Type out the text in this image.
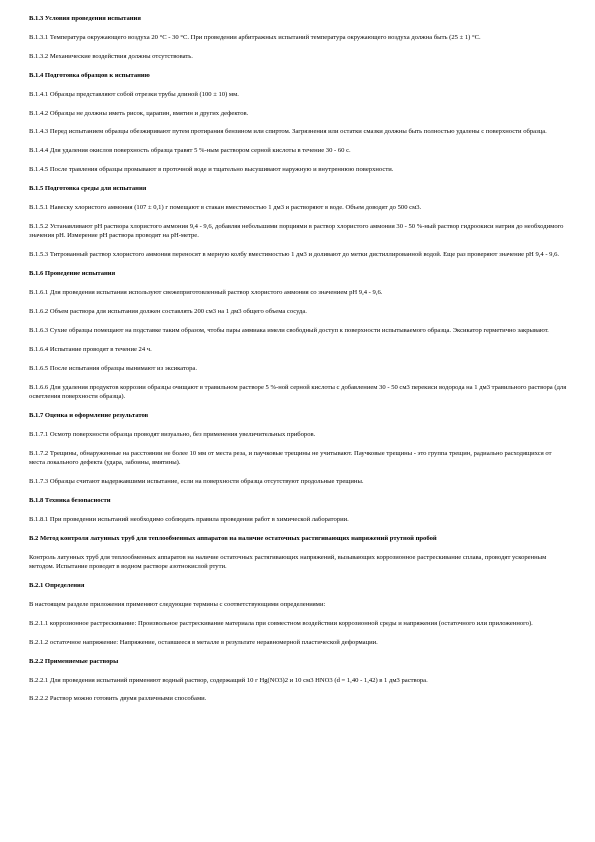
В.1.3 Условия проведения испытания
В.1.3.1 Температура окружающего воздуха 20 °С - 30 °С. При проведении арбитражных испытаний температура окружающего воздуха должна быть (25 ± 1) °С.
В.1.3.2 Механические воздействия должны отсутствовать.
В.1.4 Подготовка образцов к испытанию
В.1.4.1 Образцы представляют собой отрезки трубы длиной (100 ± 10) мм.
В.1.4.2 Образцы не должны иметь рисок, царапин, вмятин и других дефектов.
В.1.4.3 Перед испытанием образцы обезжиривают путем протирания бензином или спиртом. Загрязнения или остатки смазки должны быть полностью удалены с поверхности образца.
В.1.4.4 Для удаления окислов поверхность образца травят 5 %-ным раствором серной кислоты в течение 30 - 60 с.
В.1.4.5 После травления образцы промывают в проточной воде и тщательно высушивают наружную и внутреннюю поверхности.
В.1.5 Подготовка среды для испытания
В.1.5.1 Навеску хлористого аммония (107 ± 0,1) г помещают в стакан вместимостью 1 дм3 и растворяют в воде. Объем доводят до 500 см3.
В.1.5.2 Устанавливают pH раствора хлористого аммония 9,4 - 9,6, добавляя небольшими порциями в раствор хлористого аммония 30 - 50 %-ный раствор гидроокиси натрия до необходимого значения pH. Измерение pH раствора проводят на pH-метре.
В.1.5.3 Титрованный раствор хлористого аммония переносят в мерную колбу вместимостью 1 дм3 и доливают до метки дистиллированной водой. Еще раз проверяют значение pH 9,4 - 9,6.
В.1.6 Проведение испытания
В.1.6.1 Для проведения испытания используют свежеприготовленный раствор хлористого аммония со значением pH 9,4 - 9,6.
В.1.6.2 Объем раствора для испытания должен составлять 200 см3 на 1 дм3 общего объема сосуда.
В.1.6.3 Сухие образцы помещают на подставке таким образом, чтобы пары аммиака имели свободный доступ к поверхности испытываемого образца. Эксикатор герметично закрывают.
В.1.6.4 Испытание проводят в течение 24 ч.
В.1.6.5 После испытания образцы вынимают из эксикатора.
В.1.6.6 Для удаления продуктов коррозии образцы очищают в травильном растворе 5 %-ной серной кислоты с добавлением 30 - 50 см3 перекиси водорода на 1 дм3 травильного раствора (для осветления поверхности образца).
В.1.7 Оценка и оформление результатов
В.1.7.1 Осмотр поверхности образца проводят визуально, без применения увеличительных приборов.
В.1.7.2 Трещины, обнаруженные на расстоянии не более 10 мм от места реза, и паучковые трещины не учитывают. Паучковые трещины - это группа трещин, радиально расходящихся от места локального дефекта (удара, забоины, вмятины).
В.1.7.3 Образцы считают выдержавшими испытание, если на поверхности образца отсутствуют продольные трещины.
В.1.8 Техника безопасности
В.1.8.1 При проведении испытаний необходимо соблюдать правила проведения работ в химической лаборатории.
В.2 Метод контроля латунных труб для теплообменных аппаратов на наличие остаточных растягивающих напряжений ртутной пробой
Контроль латунных труб для теплообменных аппаратов на наличие остаточных растягивающих напряжений, вызывающих коррозионное растрескивание сплава, проводят ускоренным методом. Испытание проводят в водном растворе азотнокислой ртути.
В.2.1 Определения
В настоящем разделе приложения применяют следующие термины с соответствующими определениями:
В.2.1.1 коррозионное растрескивание: Произвольное растрескивание материала при совместном воздействии коррозионной среды и напряжения (остаточного или приложенного).
В.2.1.2 остаточное напряжение: Напряжение, оставшееся в металле в результате неравномерной пластической деформации.
В.2.2 Применяемые растворы
В.2.2.1 Для проведения испытаний применяют водный раствор, содержащий 10 г Hg(NO3)2 и 10 см3 HNO3 (d = 1,40 - 1,42) в 1 дм3 раствора.
В.2.2.2 Раствор можно готовить двумя различными способами.
